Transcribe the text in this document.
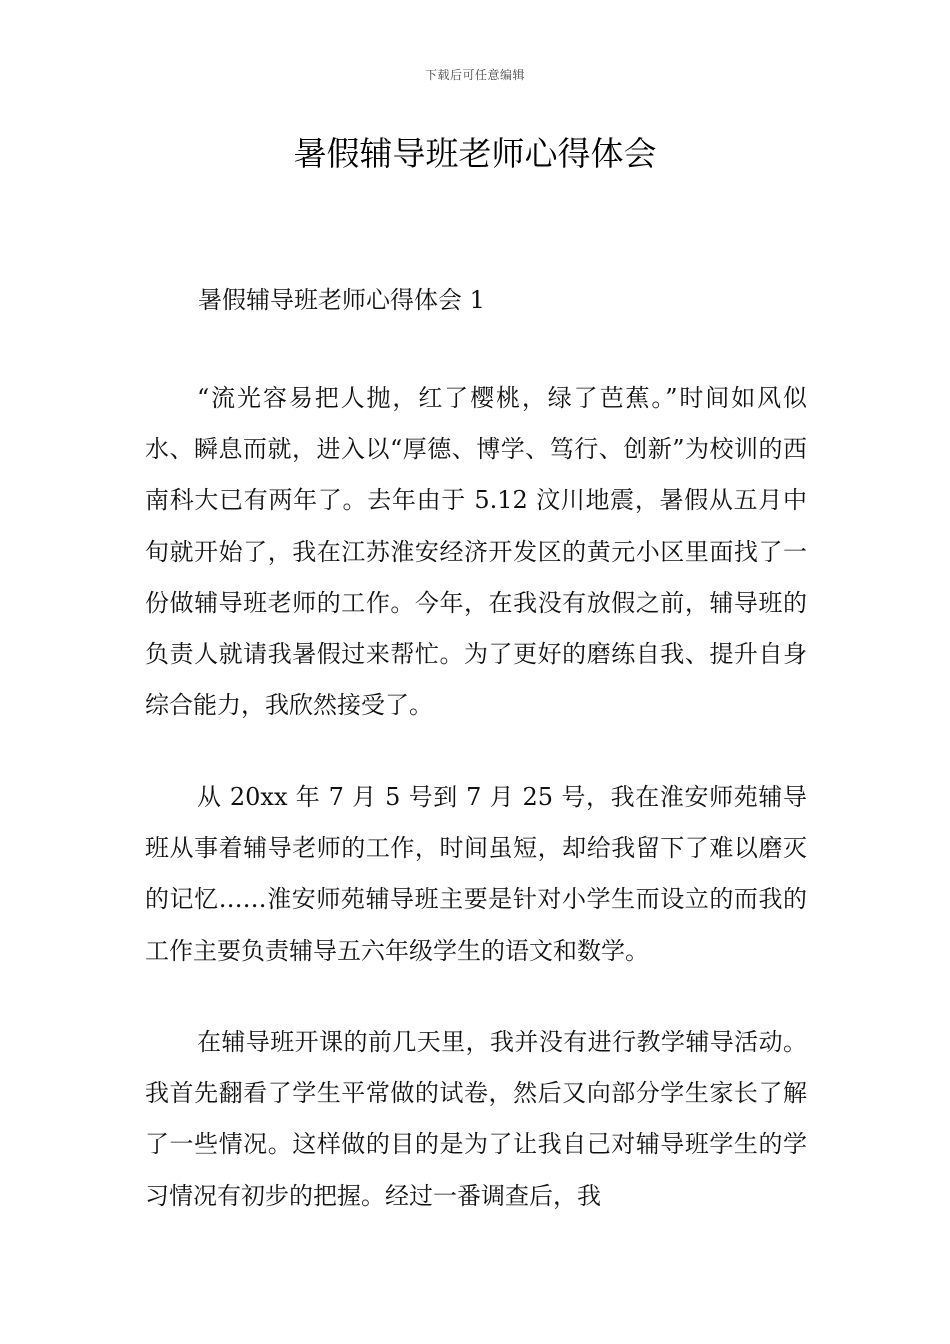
下载后可任意编辑
暑假辅导班老师心得体会

暑假辅导班老师心得体会 1

“流光容易把人抛，红了樱桃，绿了芭蕉。”时间如风似水、瞬息而就，进入以“厚德、博学、笃行、创新”为校训的西南科大已有两年了。去年由于 5.12 汶川地震，暑假从五月中旬就开始了，我在江苏淮安经济开发区的黄元小区里面找了一份做辅导班老师的工作。今年，在我没有放假之前，辅导班的负责人就请我暑假过来帮忙。为了更好的磨练自我、提升自身综合能力，我欣然接受了。

从 20xx 年 7 月 5 号到 7 月 25 号，我在淮安师苑辅导班从事着辅导老师的工作，时间虽短，却给我留下了难以磨灭的记忆……淮安师苑辅导班主要是针对小学生而设立的而我的工作主要负责辅导五六年级学生的语文和数学。

在辅导班开课的前几天里，我并没有进行教学辅导活动。我首先翻看了学生平常做的试卷，然后又向部分学生家长了解了一些情况。这样做的目的是为了让我自己对辅导班学生的学习情况有初步的把握。经过一番调查后，我
